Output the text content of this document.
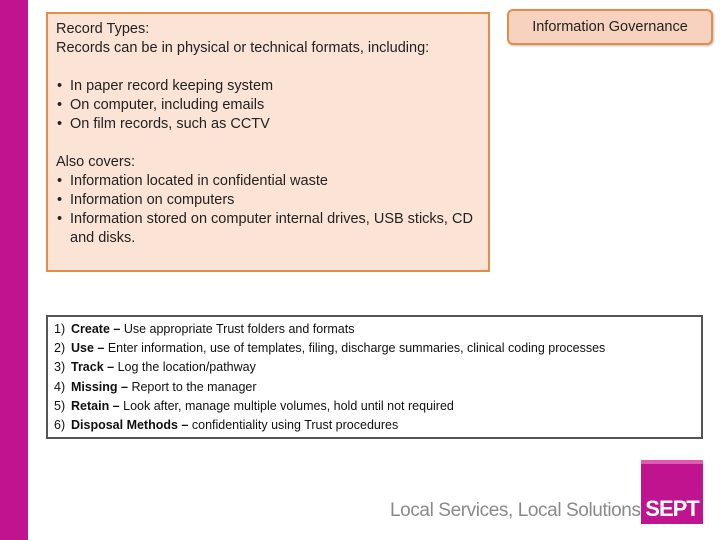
Record Types:
Records can be in physical or technical formats, including:
• In paper record keeping system
• On computer, including emails
• On film records, such as CCTV
Also covers:
• Information located in confidential waste
• Information on computers
• Information stored on computer internal drives, USB sticks, CD and disks.
Information Governance
1) Create – Use appropriate Trust folders and formats
2) Use – Enter information, use of templates, filing, discharge summaries, clinical coding processes
3) Track – Log the location/pathway
4) Missing – Report to the manager
5) Retain – Look after, manage multiple volumes, hold until not required
6) Disposal Methods – confidentiality using Trust procedures
Local Services, Local Solutions SEPT
